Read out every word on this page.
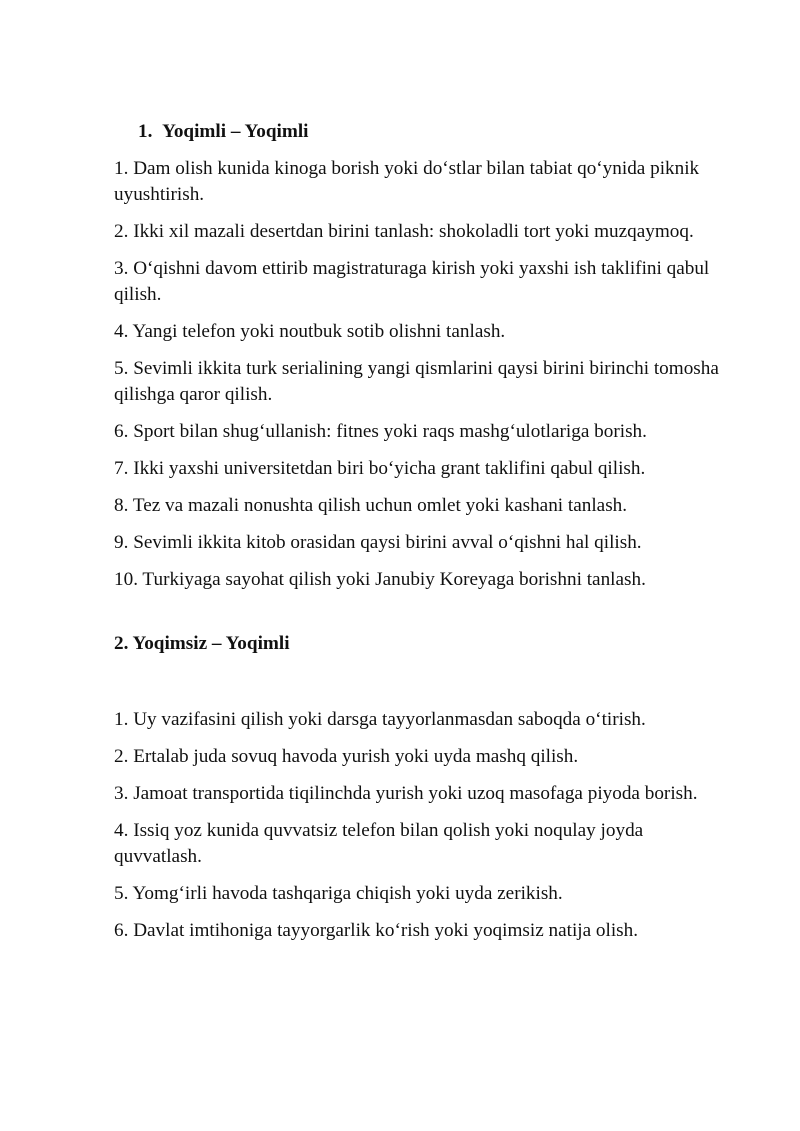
1. Yoqimli – Yoqimli

1. Dam olish kunida kinoga borish yoki do‘stlar bilan tabiat qo‘ynida piknik uyushtirish.
2. Ikki xil mazali desertdan birini tanlash: shokoladli tort yoki muzqaymoq.
3. O‘qishni davom ettirib magistraturaga kirish yoki yaxshi ish taklifini qabul qilish.
4. Yangi telefon yoki noutbuk sotib olishni tanlash.
5. Sevimli ikkita turk serialining yangi qismlarini qaysi birini birinchi tomosha qilishga qaror qilish.
6. Sport bilan shug‘ullanish: fitnes yoki raqs mashg‘ulotlariga borish.
7. Ikki yaxshi universitetdan biri bo‘yicha grant taklifini qabul qilish.
8. Tez va mazali nonushta qilish uchun omlet yoki kashani tanlash.
9. Sevimli ikkita kitob orasidan qaysi birini avval o‘qishni hal qilish.
10. Turkiyaga sayohat qilish yoki Janubiy Koreyaga borishni tanlash.

2. Yoqimsiz – Yoqimli

1. Uy vazifasini qilish yoki darsga tayyorlanmasdan saboqda o‘tirish.
2. Ertalab juda sovuq havoda yurish yoki uyda mashq qilish.
3. Jamoat transportida tiqilinchda yurish yoki uzoq masofaga piyoda borish.
4. Issiq yoz kunida quvvatsiz telefon bilan qolish yoki noqulay joyda quvvatlash.
5. Yomg‘irli havoda tashqariga chiqish yoki uyda zerikish.
6. Davlat imtihoniga tayyorgarlik ko‘rish yoki yoqimsiz natija olish.
